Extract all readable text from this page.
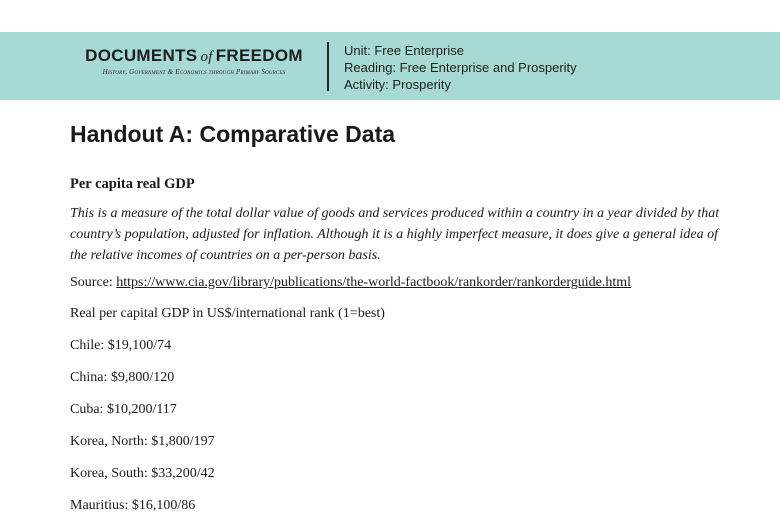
DOCUMENTS of FREEDOM
History, Government & Economics through Primary Sources
Unit: Free Enterprise
Reading: Free Enterprise and Prosperity
Activity: Prosperity
Handout A: Comparative Data
Per capita real GDP
This is a measure of the total dollar value of goods and services produced within a country in a year divided by that country’s population, adjusted for inflation. Although it is a highly imperfect measure, it does give a general idea of the relative incomes of countries on a per-person basis.
Source: https://www.cia.gov/library/publications/the-world-factbook/rankorder/rankorderguide.html
Real per capital GDP in US$/international rank (1=best)
Chile: $19,100/74
China: $9,800/120
Cuba: $10,200/117
Korea, North: $1,800/197
Korea, South: $33,200/42
Mauritius: $16,100/86
